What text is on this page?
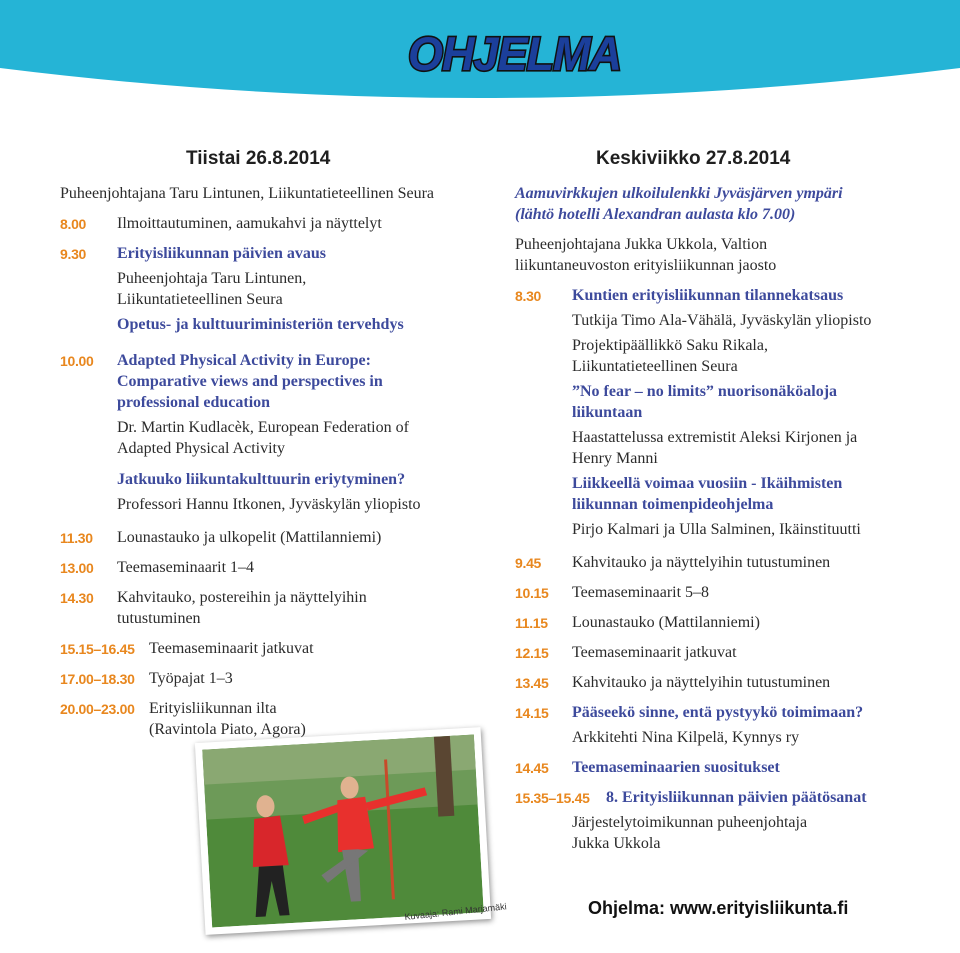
OHJELMA
Tiistai 26.8.2014	Keskiviikko 27.8.2014
Puheenjohtajana Taru Lintunen, Liikuntatieteellinen Seura
8.00 Ilmoittautuminen, aamukahvi ja näyttelyt
9.30 Erityisliikunnan päivien avaus
Puheenjohtaja Taru Lintunen, Liikuntatieteellinen Seura
Opetus- ja kulttuuriministeriön tervehdys
10.00 Adapted Physical Activity in Europe: Comparative views and perspectives in professional education
Dr. Martin Kudlacèk, European Federation of Adapted Physical Activity
Jatkuuko liikuntakulttuurin eriytyminen?
Professori Hannu Itkonen, Jyväskylän yliopisto
11.30 Lounastauko ja ulkopelit (Mattilanniemi)
13.00 Teemaseminaarit 1–4
14.30 Kahvitauko, postereihin ja näyttelyihin tutustuminen
15.15–16.45 Teemaseminaarit jatkuvat
17.00–18.30 Työpajat 1–3
20.00–23.00 Erityisliikunnan ilta (Ravintola Piato, Agora)
Aamuvirkkujen ulkoilulenkki Jyväsjärven ympäri (lähtö hotelli Alexandran aulasta klo 7.00)
Puheenjohtajana Jukka Ukkola, Valtion liikuntaneuvoston erityisliikunnan jaosto
8.30 Kuntien erityisliikunnan tilannekatsaus
Tutkija Timo Ala-Vähälä, Jyväskylän yliopisto
Projektipäällikkö Saku Rikala, Liikuntatieteellinen Seura
”No fear – no limits” nuorisonäköaloja liikuntaan
Haastattelussa extremistit Aleksi Kirjonen ja Henry Manni
Liikkeellä voimaa vuosiin - Ikäihmisten liikunnan toimenpideohjelma
Pirjo Kalmari ja Ulla Salminen, Ikäinstituutti
9.45 Kahvitauko ja näyttelyihin tutustuminen
10.15 Teemaseminaarit 5–8
11.15 Lounastauko (Mattilanniemi)
12.15 Teemaseminaarit jatkuvat
13.45 Kahvitauko ja näyttelyihin tutustuminen
14.15 Pääseekö sinne, entä pystyykö toimimaan?
Arkkitehti Nina Kilpelä, Kynnys ry
14.45 Teemaseminaarien suositukset
15.35–15.45 8. Erityisliikunnan päivien päätösanat
Järjestelytoimikunnan puheenjohtaja Jukka Ukkola
Kuvaaja: Rami Marjamäki	Ohjelma: www.erityisliikunta.fi
